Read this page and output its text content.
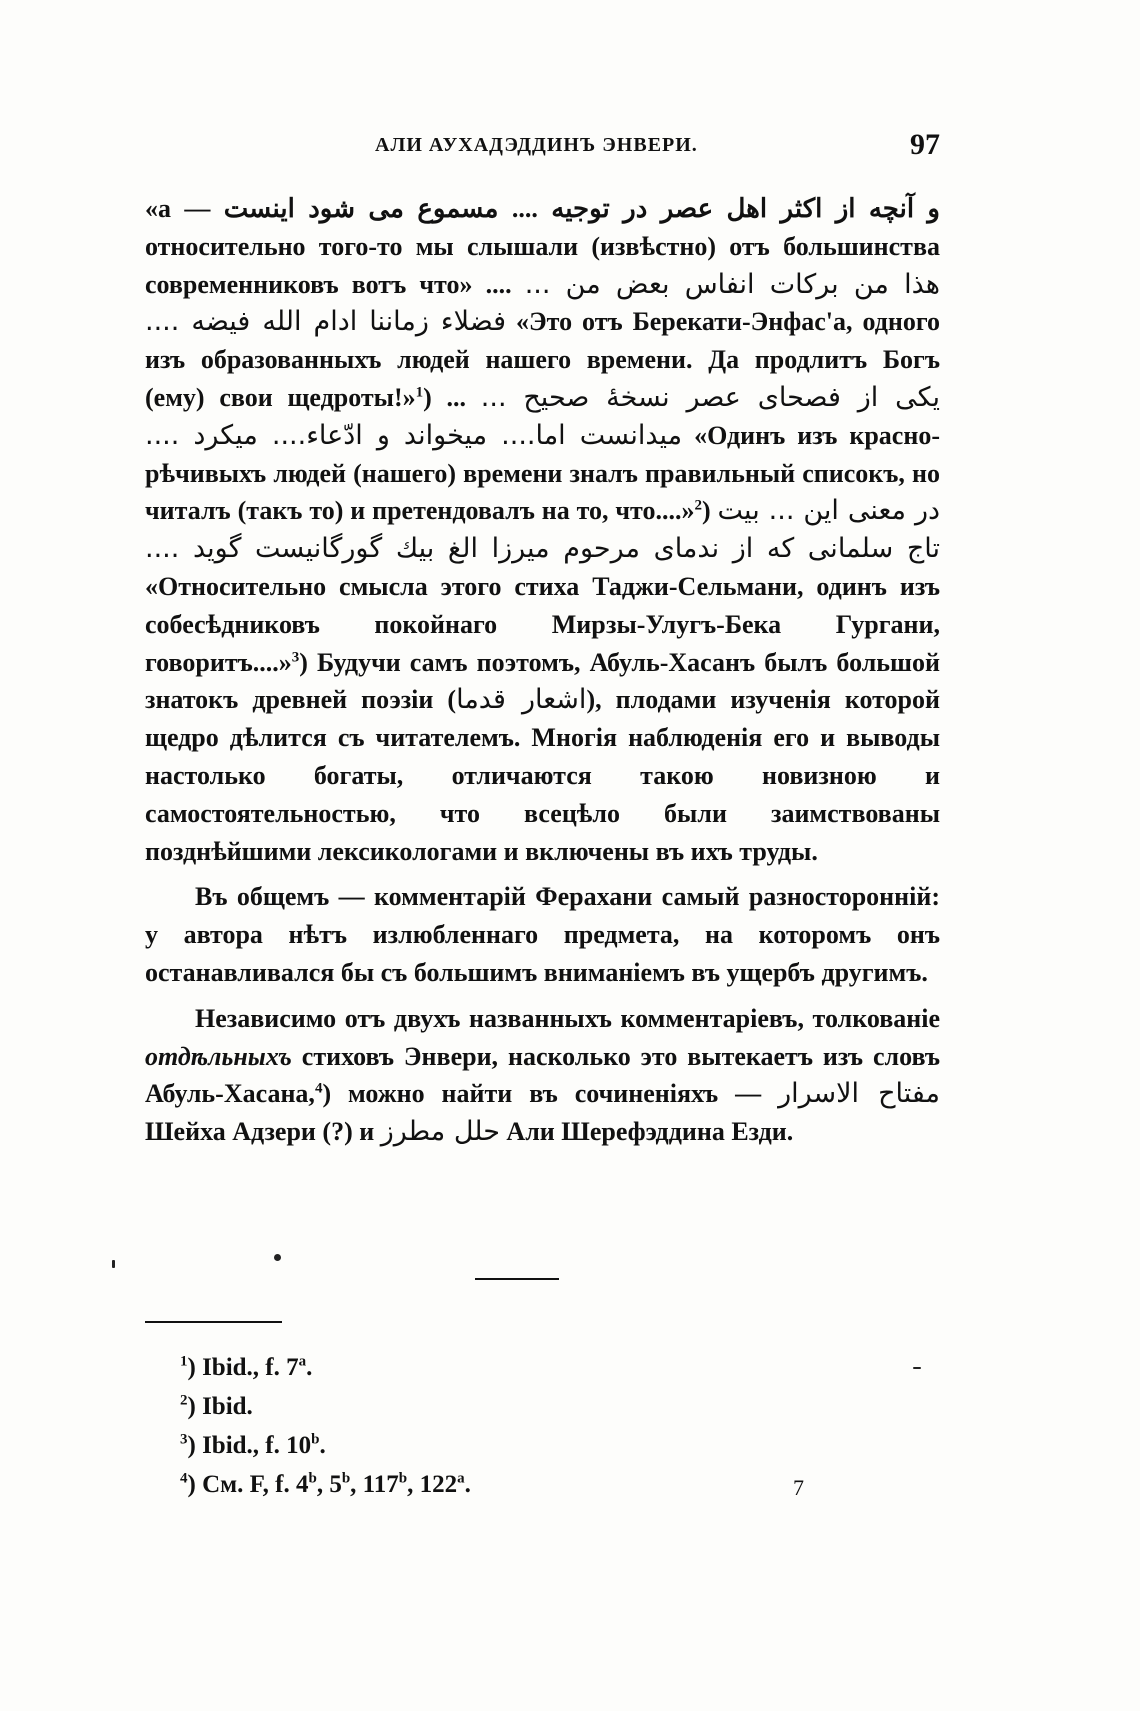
АЛИ АУХАДЭДДИНЪ ЭНВЕРИ.	97

«а — و آنچه از اکثر اهل عصر در توجیه .... مسموع می شود اینست относительно того-то мы слышали (извѣстно) отъ большинства современниковъ вотъ что» .... هذا من برکات انفاس بعض من ... فضلاء زماننا ادام الله فیضه .... «Это отъ Берекати-Энфас'а, одного изъ образованныхъ людей нашего времени. Да продлитъ Богъ (ему) свои щедроты!»$^1$) ... یکی از فصحای عصر نسخهٔ صحیح ... میدانست اما.... میخواند و ادّعاء.... میکرد .... «Одинъ изъ красно-рѣчивыхъ людей (нашего) времени зналъ правильный списокъ, но читалъ (такъ то) и претендовалъ на то, что....»$^2$) در معنی این ... بیت تاج سلمانی که از ندمای مرحوم میرزا الغ بیك گورگانیست گوید .... «Относительно смысла этого стиха Таджи-Сельмани, одинъ изъ собесѣдниковъ покойнаго Мирзы-Улугъ-Бека Гургани, говоритъ....»$^3$) Будучи самъ поэтомъ, Абуль-Хасанъ былъ большой знатокъ древней поэзіи (اشعار قدما), плодами изученія которой щедро дѣлится съ читателемъ. Многія наблюденія его и выводы настолько богаты, отличаются такою новизною и самостоятельностью, что всецѣло были заимствованы позднѣйшими лексикологами и включены въ ихъ труды.

Въ общемъ — комментарій Ферахани самый разносторонній: у автора нѣтъ излюбленнаго предмета, на которомъ онъ останавливался бы съ большимъ вниманіемъ въ ущербъ другимъ.

Независимо отъ двухъ названныхъ комментаріевъ, толкованіе отдѣльныхъ стиховъ Энвери, насколько это вытекаетъ изъ словъ Абуль-Хасана,$^4$) можно найти въ сочиненіяхъ — مفتاح الاسرار Шейха Адзери (?) и حلل مطرز Али Шерефэддина Езди.

$^1$) Ibid., f. 7$^a$.
$^2$) Ibid.
$^3$) Ibid., f. 10$^b$.
$^4$) См. F, f. 4$^b$, 5$^b$, 117$^b$, 122$^a$.	7
